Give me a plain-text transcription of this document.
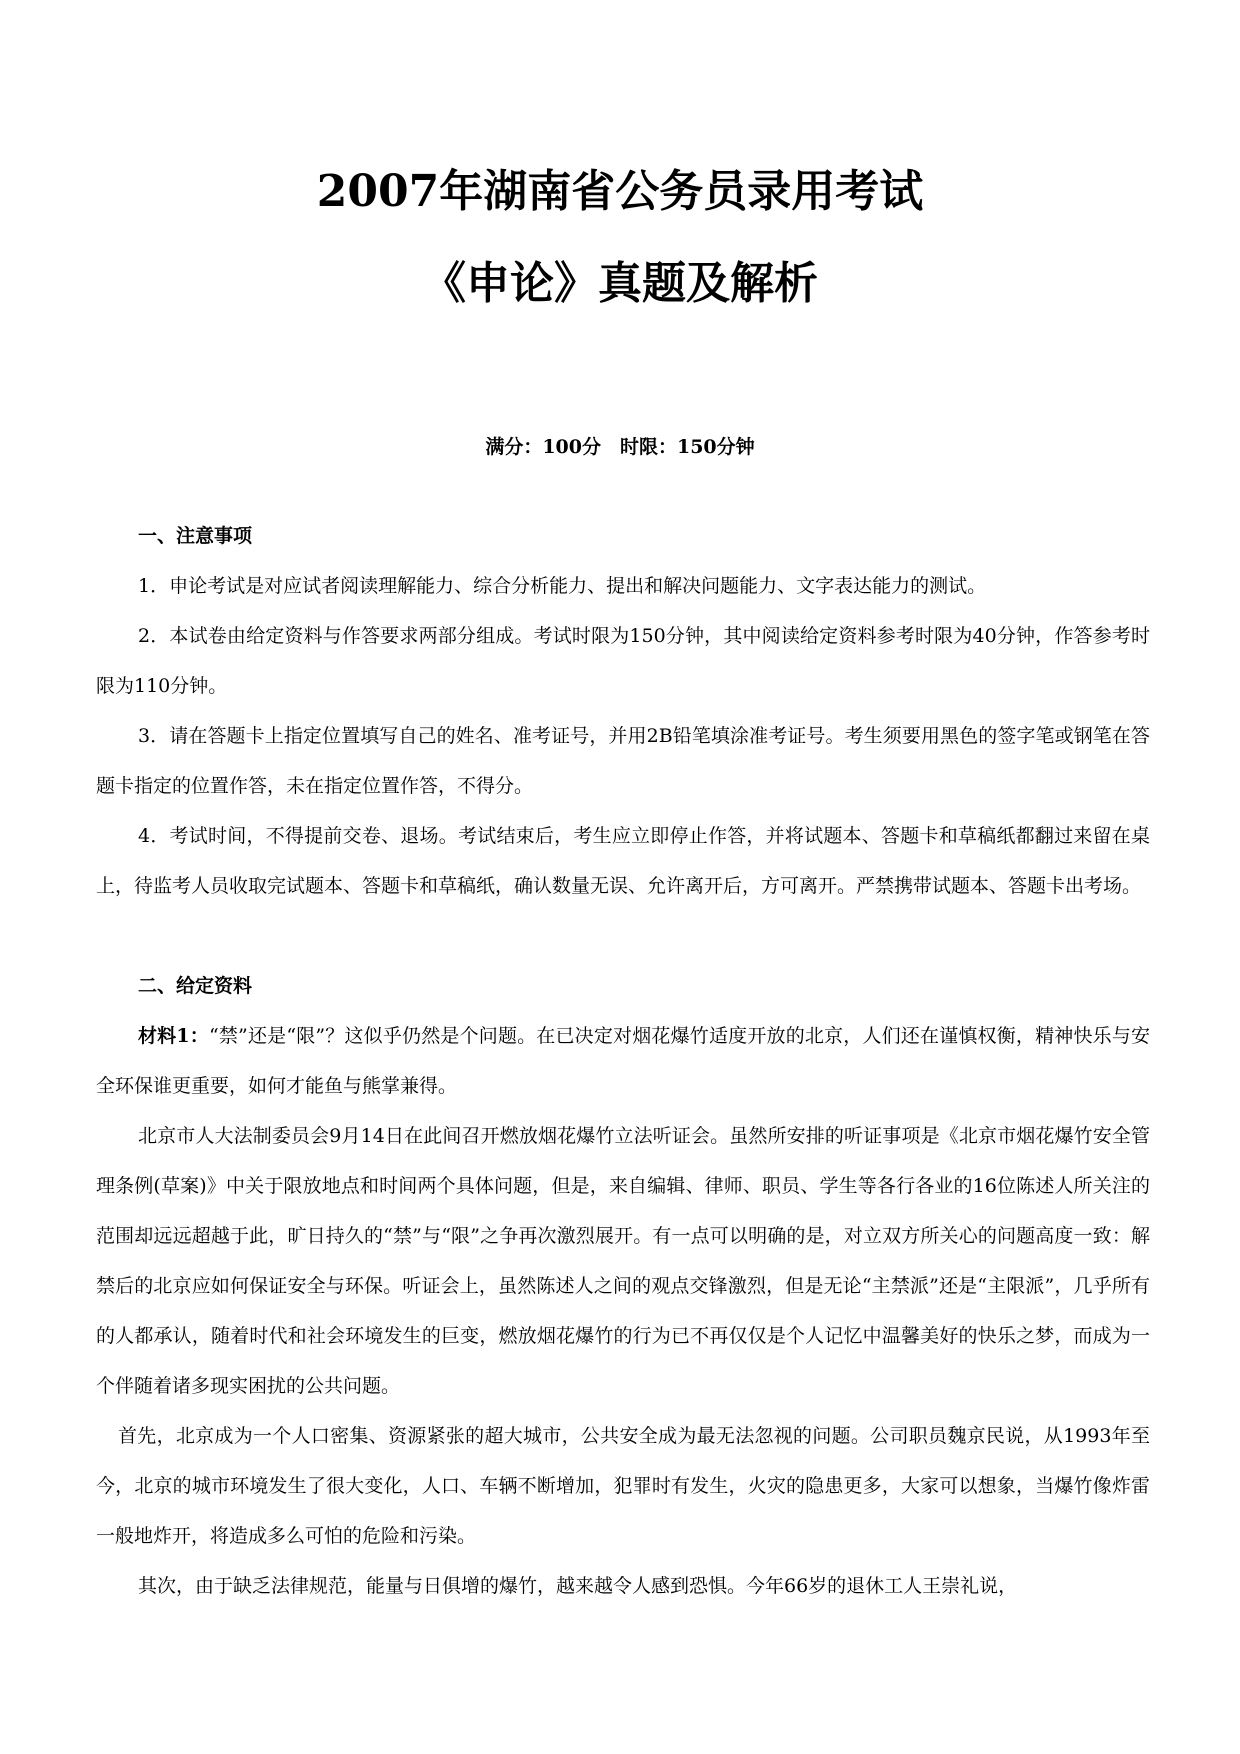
2007年湖南省公务员录用考试
《申论》真题及解析
满分：100分　时限：150分钟

一、注意事项

1．申论考试是对应试者阅读理解能力、综合分析能力、提出和解决问题能力、文字表达能力的测试。

2．本试卷由给定资料与作答要求两部分组成。考试时限为150分钟，其中阅读给定资料参考时限为40分钟，作答参考时限为110分钟。

3．请在答题卡上指定位置填写自己的姓名、准考证号，并用2B铅笔填涂准考证号。考生须要用黑色的签字笔或钢笔在答题卡指定的位置作答，未在指定位置作答，不得分。

4．考试时间，不得提前交卷、退场。考试结束后，考生应立即停止作答，并将试题本、答题卡和草稿纸都翻过来留在桌上，待监考人员收取完试题本、答题卡和草稿纸，确认数量无误、允许离开后，方可离开。严禁携带试题本、答题卡出考场。

二、给定资料

材料1：“禁”还是“限”？这似乎仍然是个问题。在已决定对烟花爆竹适度开放的北京，人们还在谨慎权衡，精神快乐与安全环保谁更重要，如何才能鱼与熊掌兼得。

北京市人大法制委员会9月14日在此间召开燃放烟花爆竹立法听证会。虽然所安排的听证事项是《北京市烟花爆竹安全管理条例(草案)》中关于限放地点和时间两个具体问题，但是，来自编辑、律师、职员、学生等各行各业的16位陈述人所关注的范围却远远超越于此，旷日持久的“禁”与“限”之争再次激烈展开。有一点可以明确的是，对立双方所关心的问题高度一致：解禁后的北京应如何保证安全与环保。听证会上，虽然陈述人之间的观点交锋激烈，但是无论“主禁派”还是“主限派”，几乎所有的人都承认，随着时代和社会环境发生的巨变，燃放烟花爆竹的行为已不再仅仅是个人记忆中温馨美好的快乐之梦，而成为一个伴随着诸多现实困扰的公共问题。

首先，北京成为一个人口密集、资源紧张的超大城市，公共安全成为最无法忽视的问题。公司职员魏京民说，从1993年至今，北京的城市环境发生了很大变化，人口、车辆不断增加，犯罪时有发生，火灾的隐患更多，大家可以想象，当爆竹像炸雷一般地炸开，将造成多么可怕的危险和污染。

其次，由于缺乏法律规范，能量与日俱增的爆竹，越来越令人感到恐惧。今年66岁的退休工人王崇礼说，
